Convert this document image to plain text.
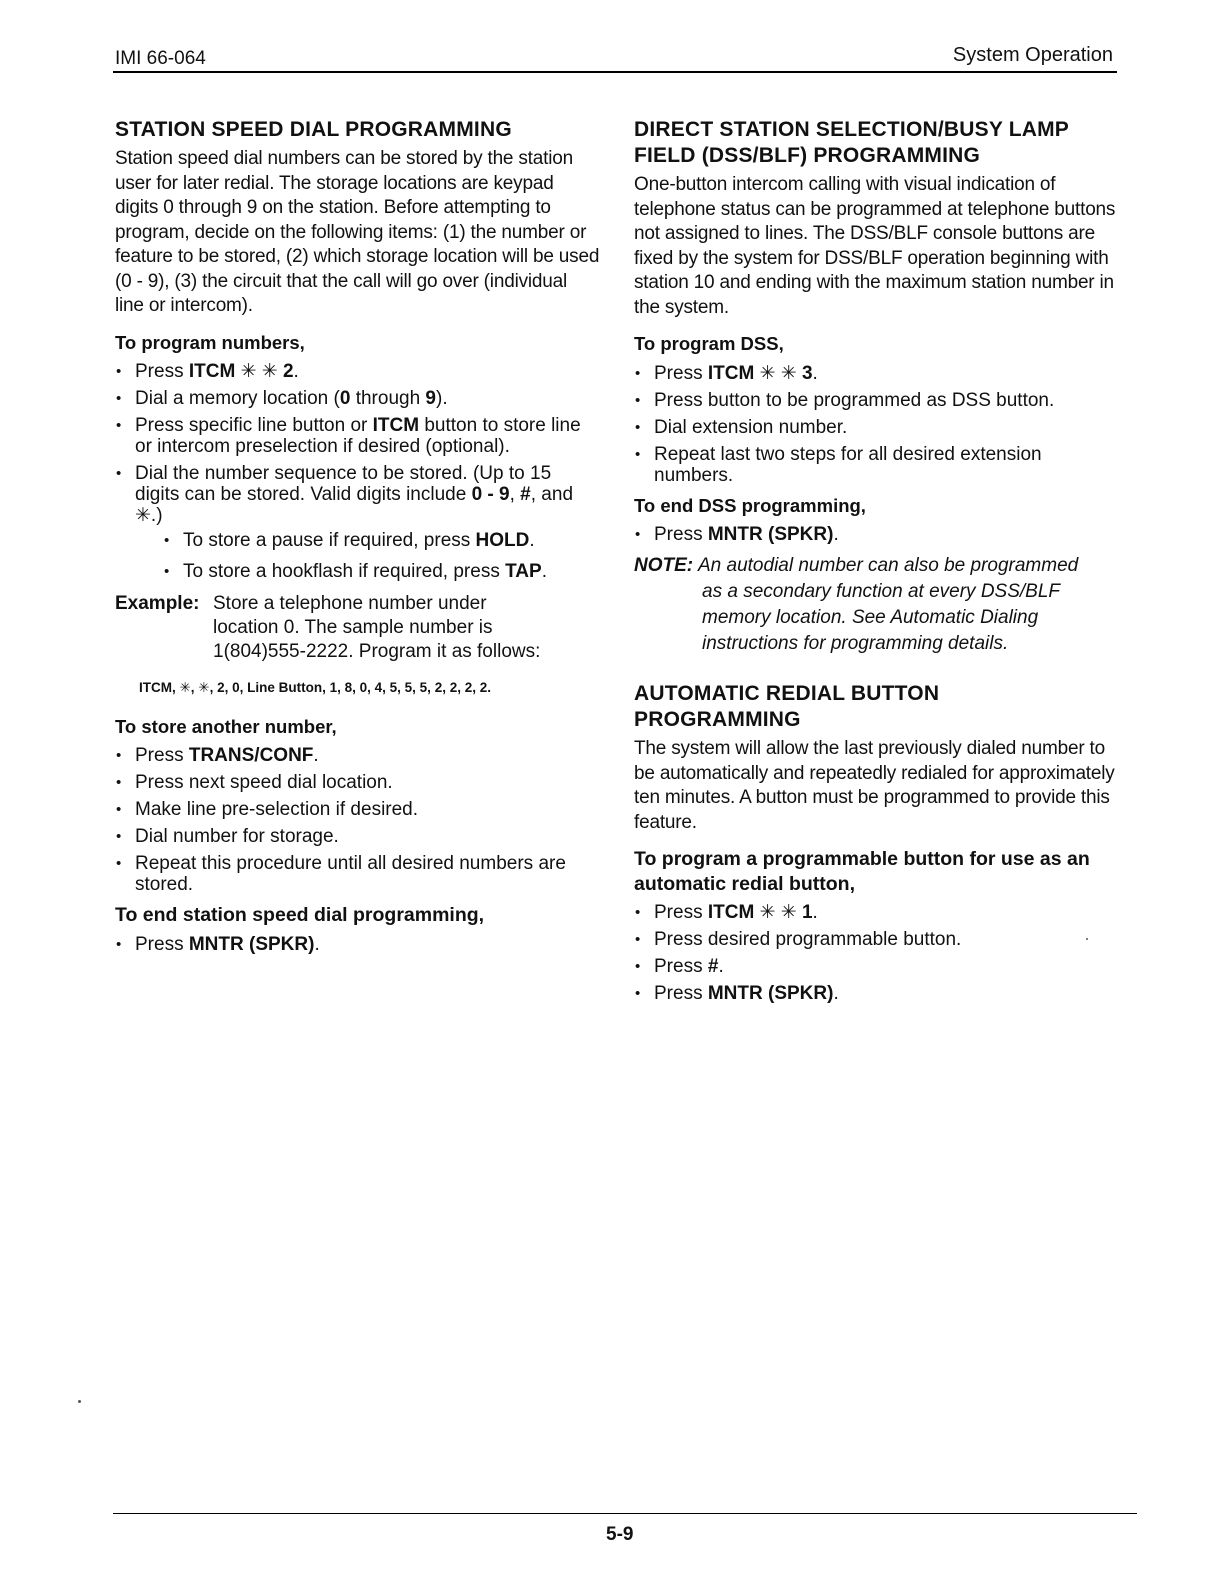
IMI 66-064	System Operation
STATION SPEED DIAL PROGRAMMING

Station speed dial numbers can be stored by the station user for later redial. The storage locations are keypad digits 0 through 9 on the station. Before attempting to program, decide on the following items: (1) the number or feature to be stored, (2) which storage location will be used (0 - 9), (3) the circuit that the call will go over (individual line or intercom).

To program numbers,
• Press ITCM ✳ ✳ 2.
• Dial a memory location (0 through 9).
• Press specific line button or ITCM button to store line or intercom preselection if desired (optional).
• Dial the number sequence to be stored. (Up to 15 digits can be stored. Valid digits include 0 - 9, #, and ✳.)
• To store a pause if required, press HOLD.
• To store a hookflash if required, press TAP.
Example: Store a telephone number under
location 0. The sample number is
1(804)555-2222. Program it as follows:
ITCM, ✳, ✳, 2, 0, Line Button, 1, 8, 0, 4, 5, 5, 5, 2, 2, 2, 2.
To store another number,
• Press TRANS/CONF.
• Press next speed dial location.
• Make line pre-selection if desired.
• Dial number for storage.
• Repeat this procedure until all desired numbers are stored.
To end station speed dial programming,
• Press MNTR (SPKR).
DIRECT STATION SELECTION/BUSY LAMP
FIELD (DSS/BLF) PROGRAMMING

One-button intercom calling with visual indication of telephone status can be programmed at telephone buttons not assigned to lines. The DSS/BLF console buttons are fixed by the system for DSS/BLF operation beginning with station 10 and ending with the maximum station number in the system.

To program DSS,
• Press ITCM ✳ ✳ 3.
• Press button to be programmed as DSS button.
• Dial extension number.
• Repeat last two steps for all desired extension numbers.
To end DSS programming,
• Press MNTR (SPKR).
NOTE: An autodial number can also be programmed
as a secondary function at every DSS/BLF
memory location. See Automatic Dialing
instructions for programming details.
AUTOMATIC REDIAL BUTTON
PROGRAMMING

The system will allow the last previously dialed number to be automatically and repeatedly redialed for approximately ten minutes. A button must be programmed to provide this feature.

To program a programmable button for use as an automatic redial button,
• Press ITCM ✳ ✳ 1.
• Press desired programmable button.
• Press #.
• Press MNTR (SPKR).
5-9
